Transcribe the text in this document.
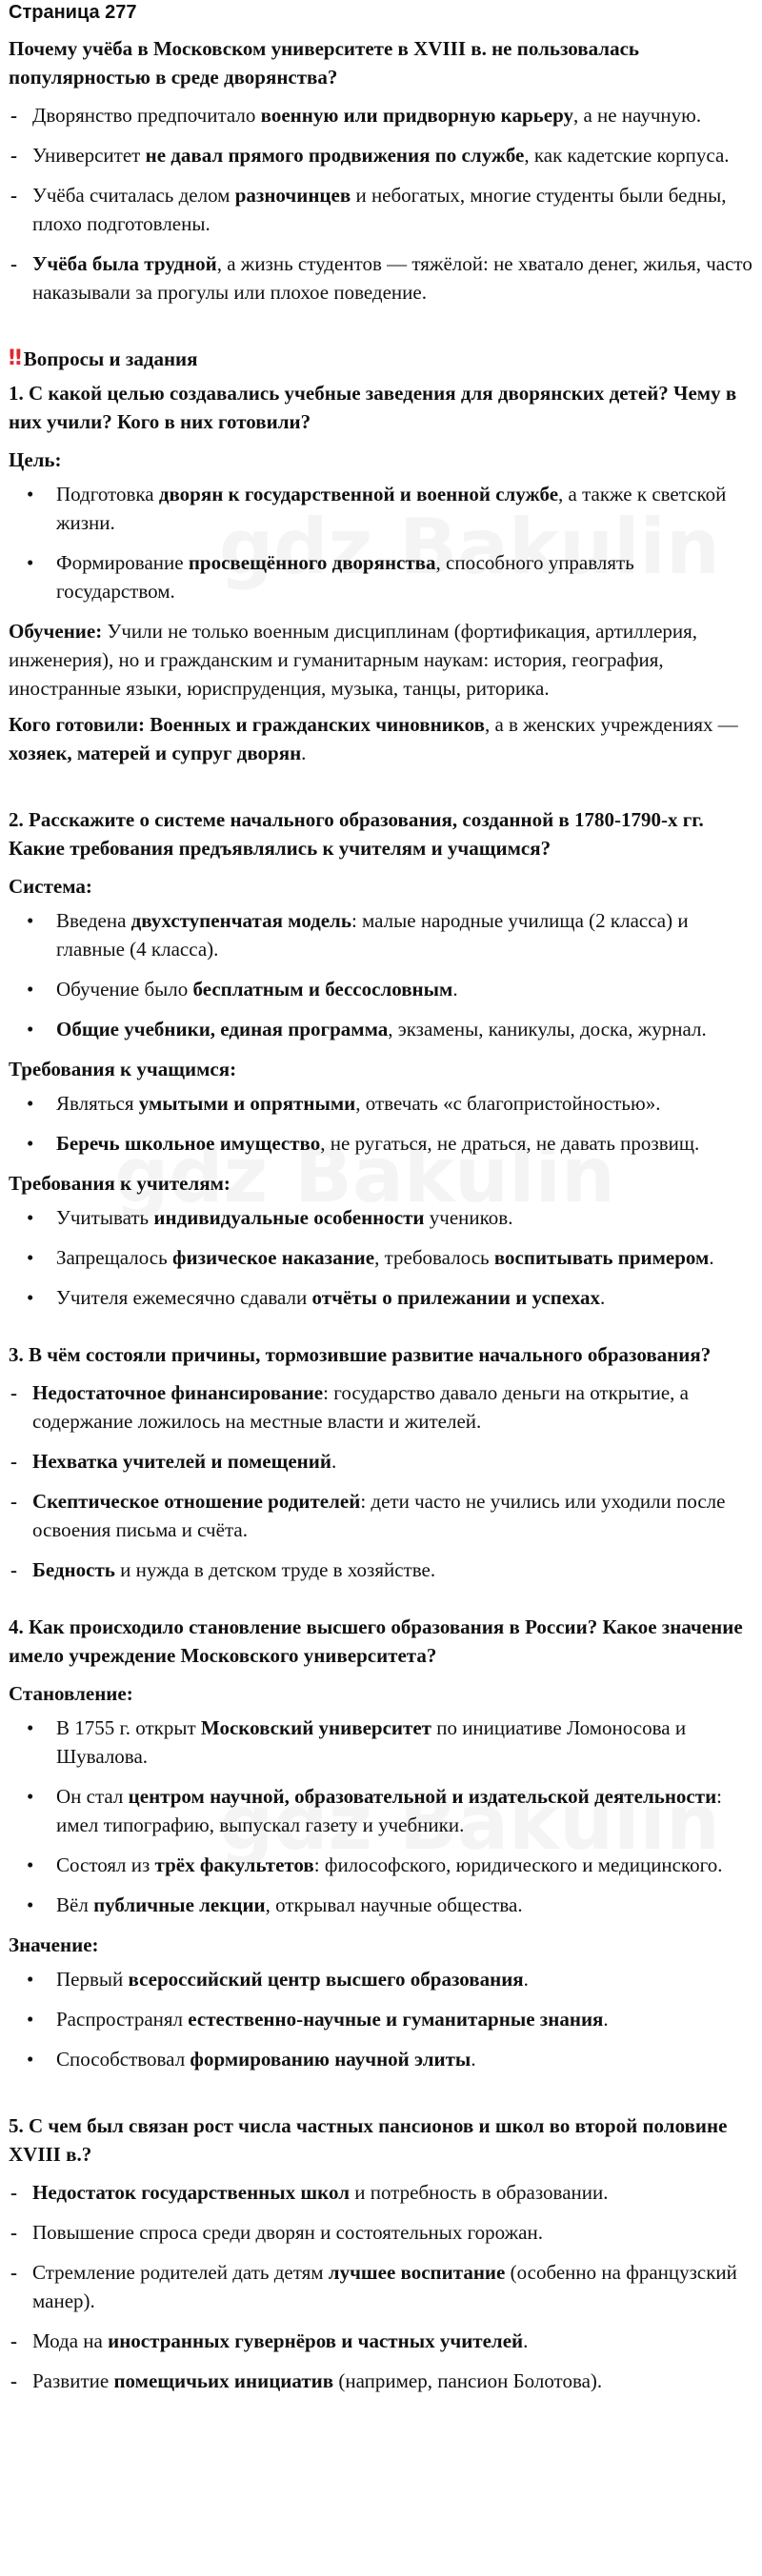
Страница 277
Почему учёба в Московском университете в XVIII в. не пользовалась популярностью в среде дворянства?
- Дворянство предпочитало военную или придворную карьеру, а не научную.
- Университет не давал прямого продвижения по службе, как кадетские корпуса.
- Учёба считалась делом разночинцев и небогатых, многие студенты были бедны, плохо подготовлены.
- Учёба была трудной, а жизнь студентов — тяжёлой: не хватало денег, жилья, часто наказывали за прогулы или плохое поведение.
‼ Вопросы и задания
1. С какой целью создавались учебные заведения для дворянских детей? Чему в них учили? Кого в них готовили?
Цель:
• Подготовка дворян к государственной и военной службе, а также к светской жизни.
• Формирование просвещённого дворянства, способного управлять государством.
Обучение: Учили не только военным дисциплинам (фортификация, артиллерия, инженерия), но и гражданским и гуманитарным наукам: история, география, иностранные языки, юриспруденция, музыка, танцы, риторика.
Кого готовили: Военных и гражданских чиновников, а в женских учреждениях — хозяек, матерей и супруг дворян.
2. Расскажите о системе начального образования, созданной в 1780-1790-х гг. Какие требования предъявлялись к учителям и учащимся?
Система:
• Введена двухступенчатая модель: малые народные училища (2 класса) и главные (4 класса).
• Обучение было бесплатным и бессословным.
• Общие учебники, единая программа, экзамены, каникулы, доска, журнал.
Требования к учащимся:
• Являться умытыми и опрятными, отвечать «с благопристойностью».
• Беречь школьное имущество, не ругаться, не драться, не давать прозвищ.
Требования к учителям:
• Учитывать индивидуальные особенности учеников.
• Запрещалось физическое наказание, требовалось воспитывать примером.
• Учителя ежемесячно сдавали отчёты о прилежании и успехах.
3. В чём состояли причины, тормозившие развитие начального образования?
- Недостаточное финансирование: государство давало деньги на открытие, а содержание ложилось на местные власти и жителей.
- Нехватка учителей и помещений.
- Скептическое отношение родителей: дети часто не учились или уходили после освоения письма и счёта.
- Бедность и нужда в детском труде в хозяйстве.
4. Как происходило становление высшего образования в России? Какое значение имело учреждение Московского университета?
Становление:
• В 1755 г. открыт Московский университет по инициативе Ломоносова и Шувалова.
• Он стал центром научной, образовательной и издательской деятельности: имел типографию, выпускал газету и учебники.
• Состоял из трёх факультетов: философского, юридического и медицинского.
• Вёл публичные лекции, открывал научные общества.
Значение:
• Первый всероссийский центр высшего образования.
• Распространял естественно-научные и гуманитарные знания.
• Способствовал формированию научной элиты.
5. С чем был связан рост числа частных пансионов и школ во второй половине XVIII в.?
- Недостаток государственных школ и потребность в образовании.
- Повышение спроса среди дворян и состоятельных горожан.
- Стремление родителей дать детям лучшее воспитание (особенно на французский манер).
- Мода на иностранных гувернёров и частных учителей.
- Развитие помещичьих инициатив (например, пансион Болотова).
